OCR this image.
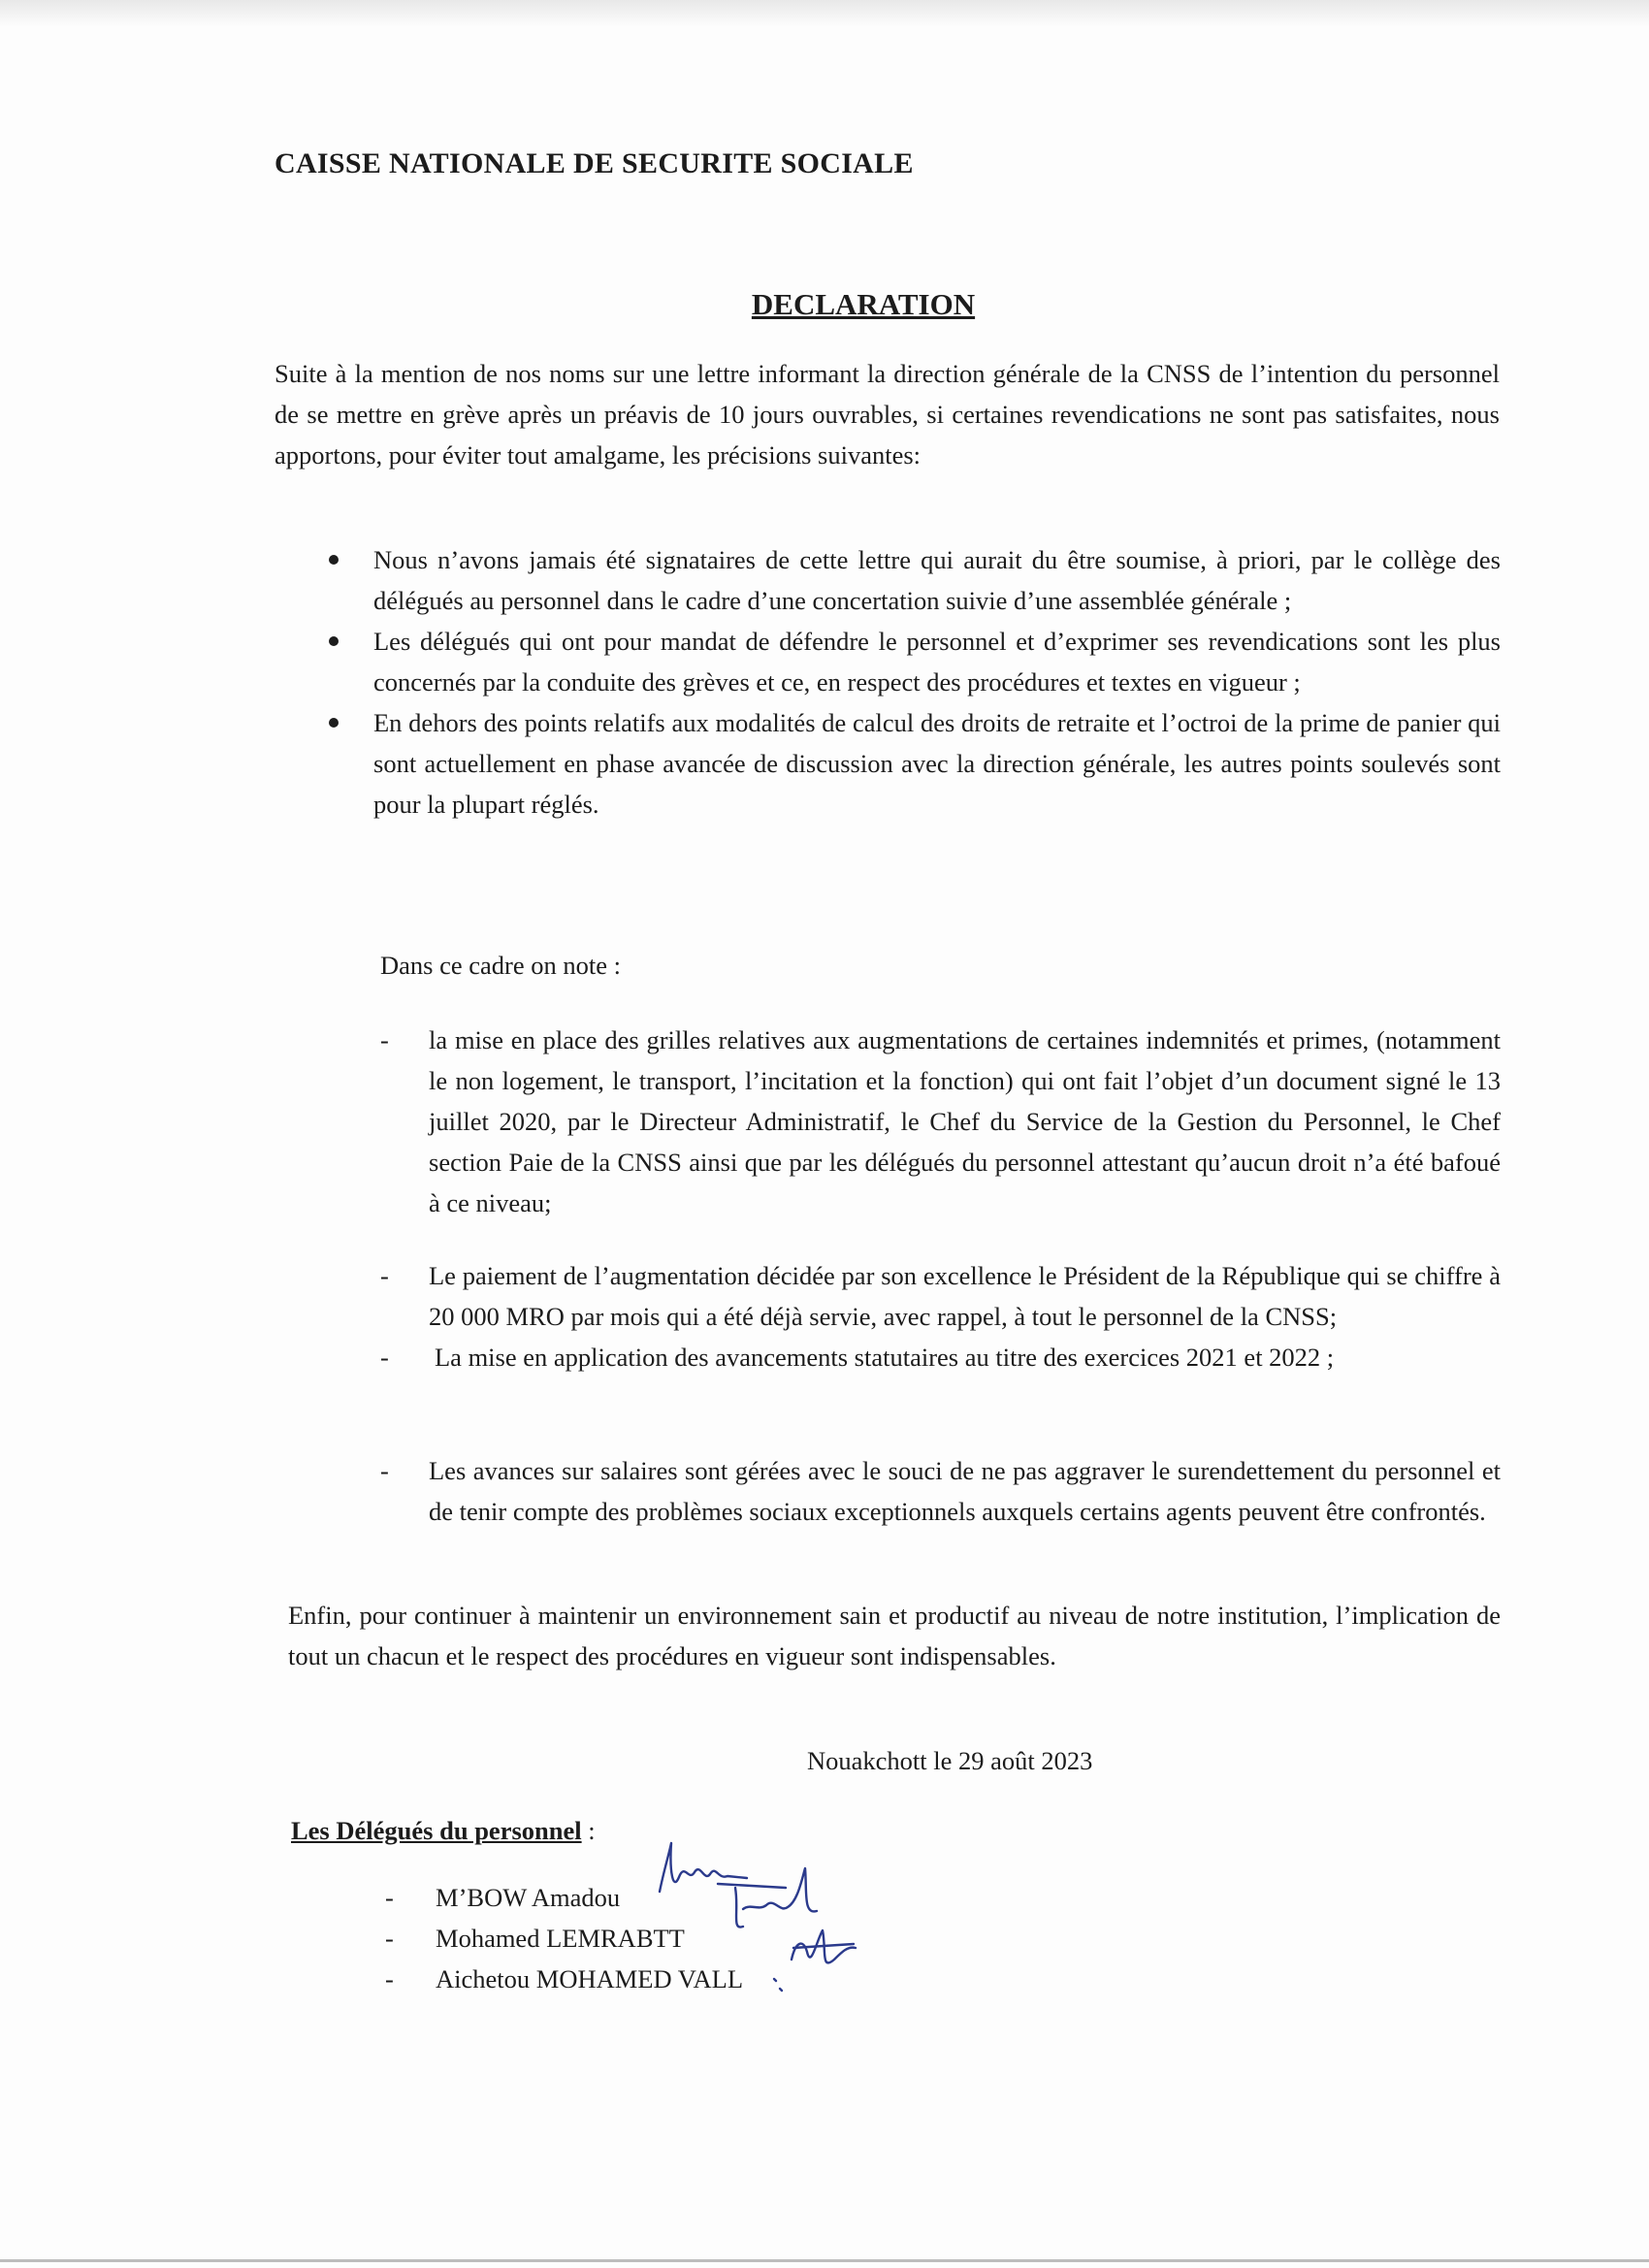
CAISSE NATIONALE DE SECURITE SOCIALE
DECLARATION

Suite à la mention de nos noms sur une lettre informant la direction générale de la CNSS de l’intention du personnel de se mettre en grève après un préavis de 10 jours ouvrables, si certaines revendications ne sont pas satisfaites, nous apportons, pour éviter tout amalgame, les précisions suivantes:

Nous n’avons jamais été signataires de cette lettre qui aurait du être soumise, à priori, par le collège des délégués au personnel dans le cadre d’une concertation suivie d’une assemblée générale ;
Les délégués qui ont pour mandat de défendre le personnel et d’exprimer ses revendications sont les plus concernés par la conduite des grèves et ce, en respect des procédures et textes en vigueur ;
En dehors des points relatifs aux modalités de calcul des droits de retraite et l’octroi de la prime de panier qui sont actuellement en phase avancée de discussion avec la direction générale, les autres points soulevés sont pour la plupart réglés.
Dans ce cadre on note :
- la mise en place des grilles relatives aux augmentations de certaines indemnités et primes, (notamment le non logement, le transport, l’incitation et la fonction) qui ont fait l’objet d’un document signé le 13 juillet 2020, par le Directeur Administratif, le Chef du Service de la Gestion du Personnel, le Chef section Paie de la CNSS ainsi que par les délégués du personnel attestant qu’aucun droit n’a été bafoué à ce niveau;
- Le paiement de l’augmentation décidée par son excellence le Président de la République qui se chiffre à 20 000 MRO par mois qui a été déjà servie, avec rappel, à tout le personnel de la CNSS;
- La mise en application des avancements statutaires au titre des exercices 2021 et 2022 ;
- Les avances sur salaires sont gérées avec le souci de ne pas aggraver le surendettement du personnel et de tenir compte des problèmes sociaux exceptionnels auxquels certains agents peuvent être confrontés.

Enfin, pour continuer à maintenir un environnement sain et productif au niveau de notre institution, l’implication de tout un chacun et le respect des procédures en vigueur sont indispensables.

Nouakchott le 29 août 2023
Les Délégués du personnel :
- M’BOW Amadou
- Mohamed LEMRABTT
- Aichetou MOHAMED VALL
